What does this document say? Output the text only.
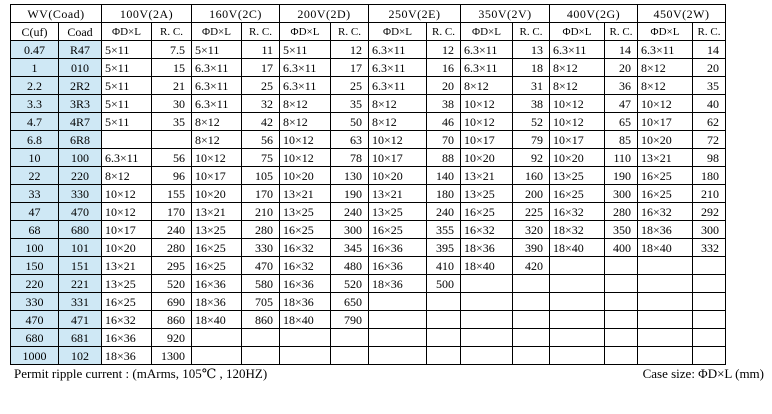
WV(Coad)		100V(2A)		160V(2C)		200V(2D)		250V(2E)		350V(2V)		400V(2G)		450V(2W)	
C(uf)	Coad	ΦD×L	R. C.	ΦD×L	R. C.	ΦD×L	R. C.	ΦD×L	R. C.	ΦD×L	R. C.	ΦD×L	R. C.	ΦD×L	R. C.
0.47	R47	5×11	7.5	5×11	11	5×11	12	6.3×11	12	6.3×11	13	6.3×11	14	6.3×11	14
1	010	5×11	15	6.3×11	17	6.3×11	17	6.3×11	16	6.3×11	18	8×12	20	8×12	20
2.2	2R2	5×11	21	6.3×11	25	6.3×11	25	6.3×11	20	8×12	31	8×12	36	8×12	35
3.3	3R3	5×11	30	6.3×11	32	8×12	35	8×12	38	10×12	38	10×12	47	10×12	40
4.7	4R7	5×11	35	8×12	42	8×12	50	8×12	46	10×12	52	10×12	65	10×17	62
6.8	6R8			8×12	56	10×12	63	10×12	70	10×17	79	10×17	85	10×20	72
10	100	6.3×11	56	10×12	75	10×12	78	10×17	88	10×20	92	10×20	110	13×21	98
22	220	8×12	96	10×17	105	10×20	130	10×20	140	13×21	160	13×25	190	16×25	180
33	330	10×12	155	10×20	170	13×21	190	13×21	180	13×25	200	16×25	300	16×25	210
47	470	10×12	170	13×21	210	13×25	240	13×25	240	16×25	225	16×32	280	16×32	292
68	680	10×17	240	13×25	280	16×25	300	16×25	355	16×32	320	18×32	350	18×36	300
100	101	10×20	280	16×25	330	16×32	345	16×36	395	18×36	390	18×40	400	18×40	332
150	151	13×21	295	16×25	470	16×32	480	16×36	410	18×40	420				
220	221	13×25	520	16×36	580	16×36	520	18×36	500						
330	331	16×25	690	18×36	705	18×36	650								
470	471	16×32	860	18×40	860	18×40	790								
680	681	16×36	920												
1000	102	18×36	1300												
Permit ripple current : (mArms, 105℃ , 120HZ)	Case size: ΦD×L (mm)
